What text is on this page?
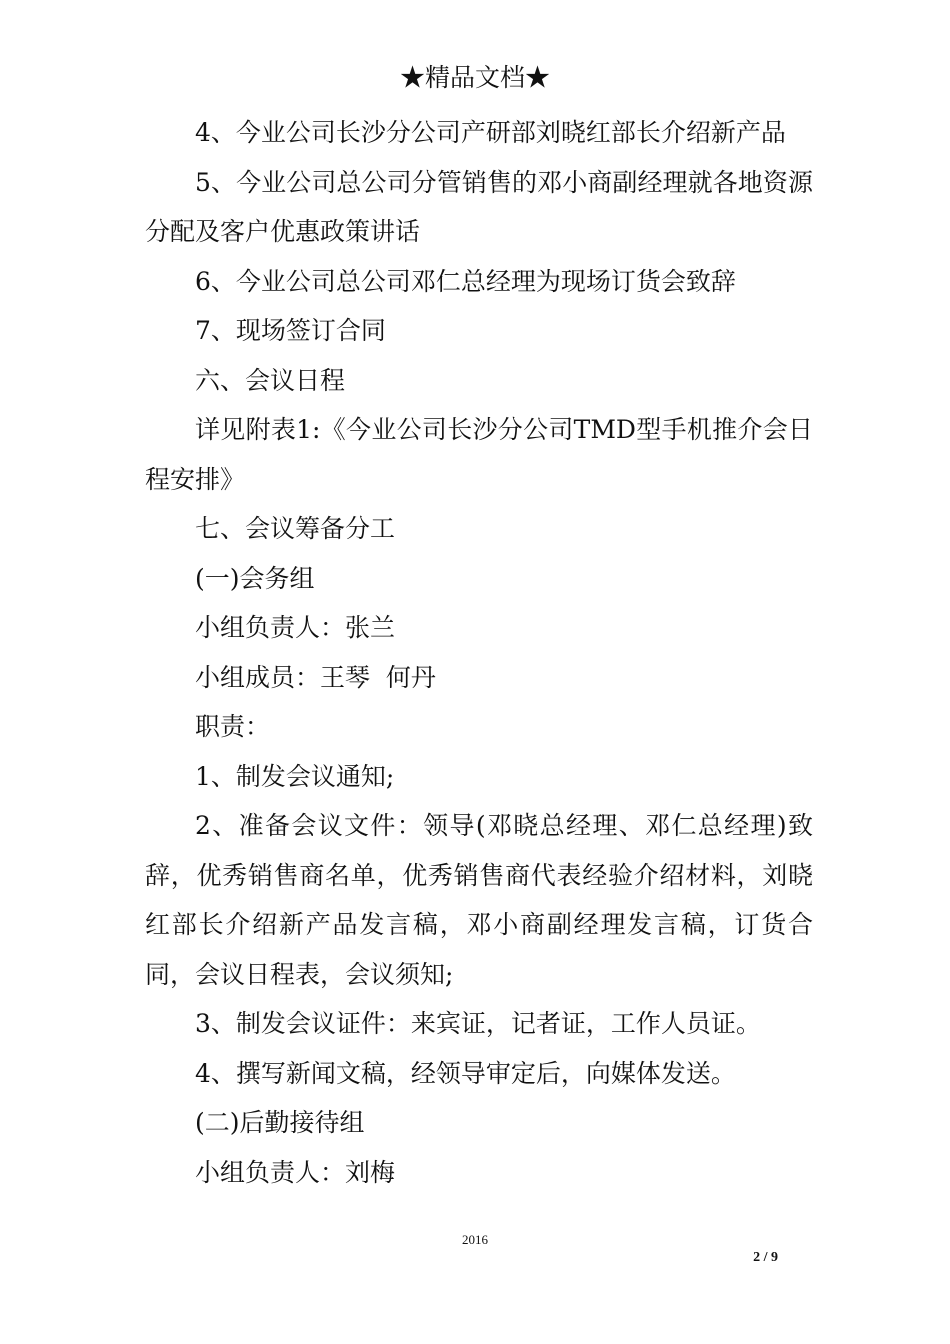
★精品文档★

4、今业公司长沙分公司产研部刘晓红部长介绍新产品

5、今业公司总公司分管销售的邓小商副经理就各地资源分配及客户优惠政策讲话

6、今业公司总公司邓仁总经理为现场订货会致辞

7、现场签订合同

六、会议日程

详见附表1:《今业公司长沙分公司TMD型手机推介会日程安排》

七、会议筹备分工

(一)会务组

小组负责人：张兰

小组成员：王琴  何丹

职责：

1、制发会议通知;

2、准备会议文件：领导(邓晓总经理、邓仁总经理)致辞，优秀销售商名单，优秀销售商代表经验介绍材料，刘晓红部长介绍新产品发言稿，邓小商副经理发言稿，订货合同，会议日程表，会议须知;

3、制发会议证件：来宾证，记者证，工作人员证。

4、撰写新闻文稿，经领导审定后，向媒体发送。

(二)后勤接待组

小组负责人：刘梅

2016
2 / 9
